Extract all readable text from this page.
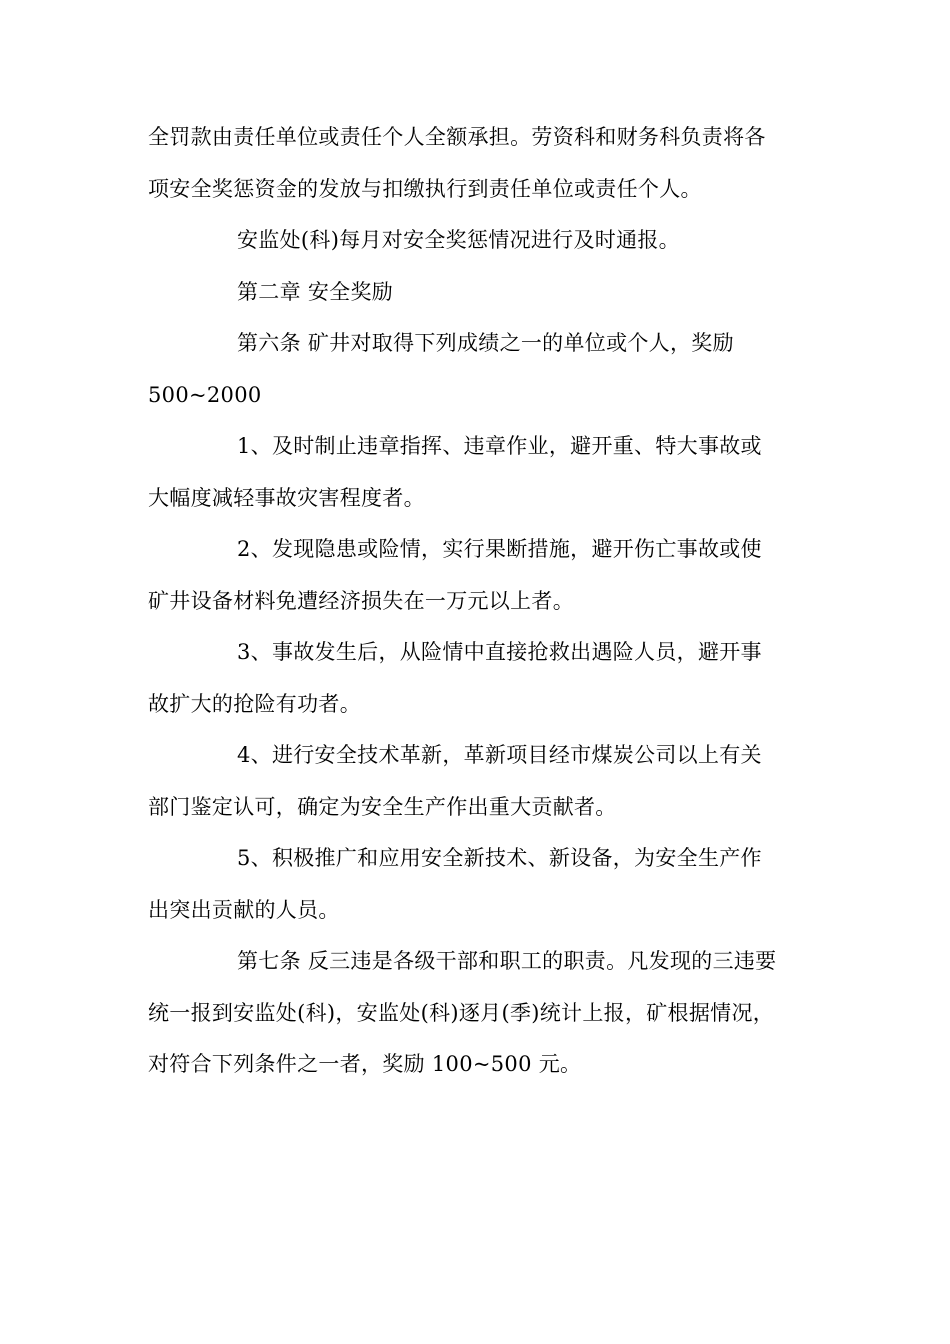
全罚款由责任单位或责任个人全额承担。劳资科和财务科负责将各
项安全奖惩资金的发放与扣缴执行到责任单位或责任个人。
安监处(科)每月对安全奖惩情况进行及时通报。
第二章 安全奖励
第六条 矿井对取得下列成绩之一的单位或个人，奖励
500~2000
1、及时制止违章指挥、违章作业，避开重、特大事故或
大幅度减轻事故灾害程度者。
2、发现隐患或险情，实行果断措施，避开伤亡事故或使
矿井设备材料免遭经济损失在一万元以上者。
3、事故发生后，从险情中直接抢救出遇险人员，避开事
故扩大的抢险有功者。
4、进行安全技术革新，革新项目经市煤炭公司以上有关
部门鉴定认可，确定为安全生产作出重大贡献者。
5、积极推广和应用安全新技术、新设备，为安全生产作
出突出贡献的人员。
第七条 反三违是各级干部和职工的职责。凡发现的三违要
统一报到安监处(科)，安监处(科)逐月(季)统计上报，矿根据情况，
对符合下列条件之一者，奖励 100~500 元。
